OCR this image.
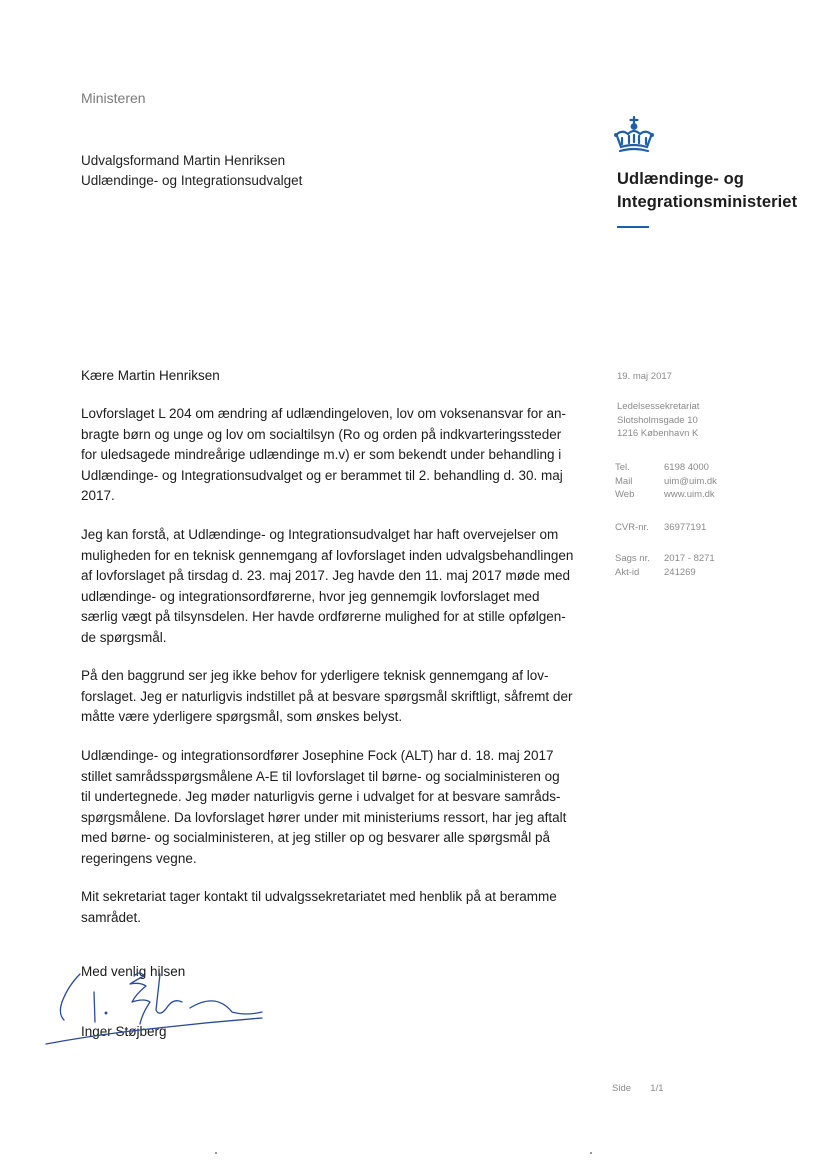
Ministeren
Udvalgsformand Martin Henriksen
Udlændinge- og Integrationsudvalget	Udlændinge- og
Integrationsministeriet
19. maj 2017
Ledelsessekretariat
Slotsholmsgade 10
1216 København K
Tel.
Mail
Web
6198 4000
uim@uim.dk
www.uim.dk
CVR-nr. 36977191
Sags nr.
Akt-id
2017 - 8271
241269
Kære Martin Henriksen
Lovforslaget L 204 om ændring af udlændingeloven, lov om voksenansvar for an-
bragte børn og unge og lov om socialtilsyn (Ro og orden på indkvarteringssteder
for uledsagede mindreårige udlændinge m.v) er som bekendt under behandling i
Udlændinge- og Integrationsudvalget og er berammet til 2. behandling d. 30. maj
2017.
Jeg kan forstå, at Udlændinge- og Integrationsudvalget har haft overvejelser om
muligheden for en teknisk gennemgang af lovforslaget inden udvalgsbehandlingen
af lovforslaget på tirsdag d. 23. maj 2017. Jeg havde den 11. maj 2017 møde med
udlændinge- og integrationsordførerne, hvor jeg gennemgik lovforslaget med
særlig vægt på tilsynsdelen. Her havde ordførerne mulighed for at stille opfølgen-
de spørgsmål.
På den baggrund ser jeg ikke behov for yderligere teknisk gennemgang af lov-
forslaget. Jeg er naturligvis indstillet på at besvare spørgsmål skriftligt, såfremt der
måtte være yderligere spørgsmål, som ønskes belyst.
Udlændinge- og integrationsordfører Josephine Fock (ALT) har d. 18. maj 2017
stillet samrådsspørgsmålene A-E til lovforslaget til børne- og socialministeren og
til undertegnede. Jeg møder naturligvis gerne i udvalget for at besvare samråds-
spørgsmålene. Da lovforslaget hører under mit ministeriums ressort, har jeg aftalt
med børne- og socialministeren, at jeg stiller op og besvarer alle spørgsmål på
regeringens vegne.
Mit sekretariat tager kontakt til udvalgssekretariatet med henblik på at beramme
samrådet.
Med venlig hilsen
Inger Støjberg
Side 1/1
